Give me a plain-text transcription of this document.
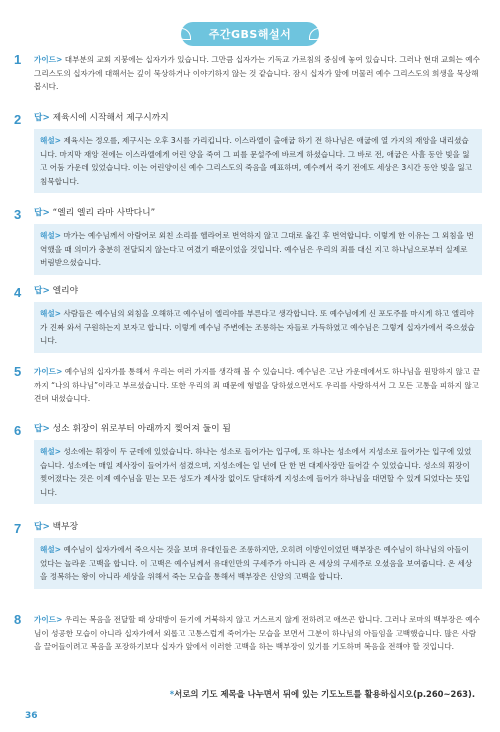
주간GBS해설서
1 가이드> 대부분의 교회 지붕에는 십자가가 있습니다. 그만큼 십자가는 기독교 가르침의 중심에 놓여 있습니다. 그러나 현대 교회는 예수 그리스도의 십자가에 대해서는 깊이 묵상하거나 이야기하지 않는 것 같습니다. 잠시 십자가 앞에 머물러 예수 그리스도의 희생을 묵상해 봅시다.
2 답> 제육시에 시작해서 제구시까지

해설> 제육시는 정오를, 제구시는 오후 3시를 가리킵니다. 이스라엘이 출애굽 하기 전 하나님은 애굽에 열 가지의 재앙을 내리셨습니다. 마지막 재앙 전에는 이스라엘에게 어린 양을 죽여 그 피를 문설주에 바르게 하셨습니다. 그 바로 전, 애굽은 사흘 동안 빛을 잃고 어둠 가운데 있었습니다. 이는 어린양이신 예수 그리스도의 죽음을 예표하며, 예수께서 죽기 전에도 세상은 3시간 동안 빛을 잃고 침묵합니다.
3 답> “엘리 엘리 라마 사박다니”

해설> 마가는 예수님께서 아람어로 외친 소리를 헬라어로 번역하지 않고 그대로 옮긴 후 번역합니다. 이렇게 한 이유는 그 외침을 번역했을 때 의미가 충분히 전달되지 않는다고 여겼기 때문이었을 것입니다. 예수님은 우리의 죄를 대신 지고 하나님으로부터 실제로 버림받으셨습니다.
4 답> 엘리야

해설> 사람들은 예수님의 외침을 오해하고 예수님이 엘리야를 부른다고 생각합니다. 또 예수님에게 신 포도주를 마시게 하고 엘리야가 진짜 와서 구원하는지 보자고 합니다. 이렇게 예수님 주변에는 조롱하는 자들로 가득하였고 예수님은 그렇게 십자가에서 죽으셨습니다.
5 가이드> 예수님의 십자가를 통해서 우리는 여러 가지를 생각해 볼 수 있습니다. 예수님은 고난 가운데에서도 하나님을 원망하지 않고 끝까지 “나의 하나님”이라고 부르셨습니다. 또한 우리의 죄 때문에 형벌을 당하셨으면서도 우리를 사랑하셔서 그 모든 고통을 피하지 않고 견뎌 내셨습니다.
6 답> 성소 휘장이 위로부터 아래까지 찢어져 둘이 됨

해설> 성소에는 휘장이 두 군데에 있었습니다. 하나는 성소로 들어가는 입구에, 또 하나는 성소에서 지성소로 들어가는 입구에 있었습니다. 성소에는 매일 제사장이 들어가서 섬겼으며, 지성소에는 일 년에 단 한 번 대제사장만 들어갈 수 있었습니다. 성소의 휘장이 찢어졌다는 것은 이제 예수님을 믿는 모든 성도가 제사장 없이도 담대하게 지성소에 들어가 하나님을 대면할 수 있게 되었다는 뜻입니다.
7 답> 백부장

해설> 예수님이 십자가에서 죽으시는 것을 보며 유대인들은 조롱하지만, 오히려 이방인이었던 백부장은 예수님이 하나님의 아들이었다는 놀라운 고백을 합니다. 이 고백은 예수님께서 유대인만의 구세주가 아니라 온 세상의 구세주로 오셨음을 보여줍니다. 온 세상을 정복하는 왕이 아니라 세상을 위해서 죽는 모습을 통해서 백부장은 신앙의 고백을 합니다.
8 가이드> 우리는 복음을 전달할 때 상대방이 듣기에 거북하지 않고 거스르지 않게 전하려고 애쓰곤 합니다. 그러나 로마의 백부장은 예수님이 성공한 모습이 아니라 십자가에서 외롭고 고통스럽게 죽어가는 모습을 보면서 그분이 하나님의 아들임을 고백했습니다. 많은 사람을 끌어들이려고 복음을 포장하기보다 십자가 앞에서 이러한 고백을 하는 백부장이 있기를 기도하며 복음을 전해야 할 것입니다.
*서로의 기도 제목을 나누면서 뒤에 있는 기도노트를 활용하십시오(p.260~263).
36
